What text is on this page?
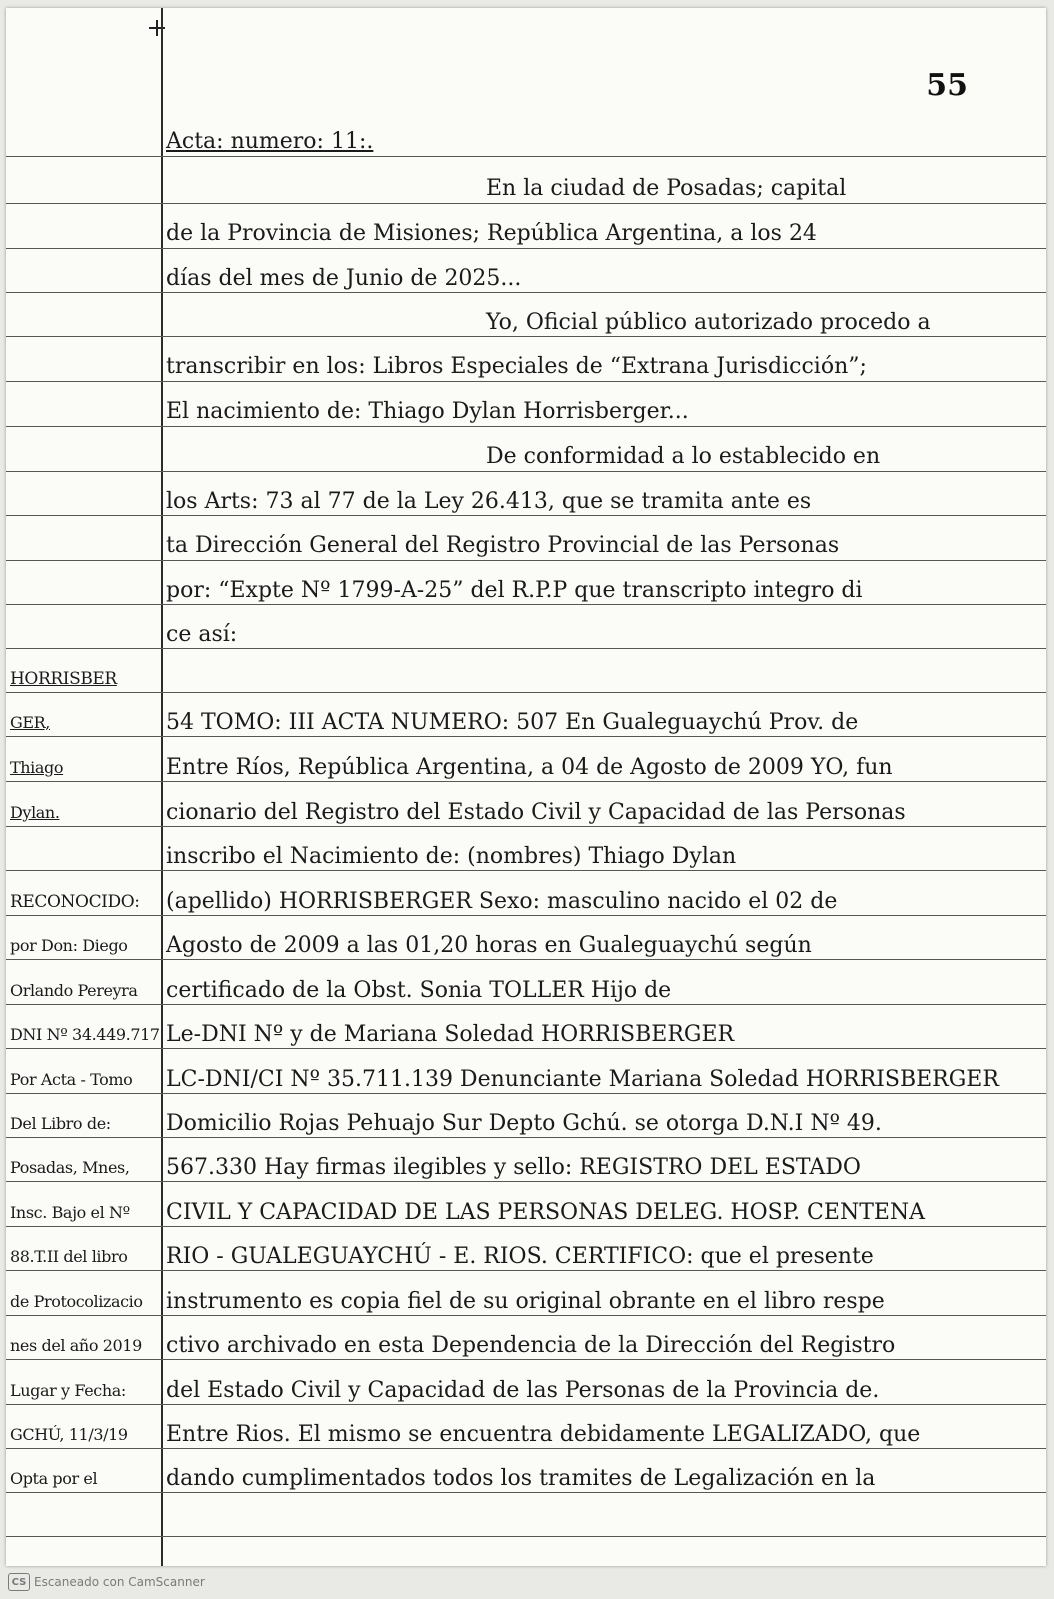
55
Acta: numero: 11:.
En la ciudad de Posadas; capital
de la Provincia de Misiones; República Argentina, a los 24
días del mes de Junio de 2025...
Yo, Oficial público autorizado procedo a
transcribir en los: Libros Especiales de “Extrana Jurisdicción”;
El nacimiento de: Thiago Dylan Horrisberger...
De conformidad a lo establecido en
los Arts: 73 al 77 de la Ley 26.413, que se tramita ante es
ta Dirección General del Registro Provincial de las Personas
por: “Expte Nº 1799-A-25” del R.P.P que transcripto integro di
ce así:
54 TOMO: III ACTA NUMERO: 507 En Gualeguaychú Prov. de
Entre Ríos, República Argentina, a 04 de Agosto de 2009 YO, fun
cionario del Registro del Estado Civil y Capacidad de las Personas
inscribo el Nacimiento de: (nombres) Thiago Dylan
(apellido) HORRISBERGER Sexo: masculino nacido el 02 de
Agosto de 2009 a las 01,20 horas en Gualeguaychú según
certificado de la Obst. Sonia TOLLER Hijo de
Le-DNI Nº y de Mariana Soledad HORRISBERGER
LC-DNI/CI Nº 35.711.139 Denunciante Mariana Soledad HORRISBERGER
Domicilio Rojas Pehuajo Sur Depto Gchú. se otorga D.N.I Nº 49.
567.330 Hay firmas ilegibles y sello: REGISTRO DEL ESTADO
CIVIL Y CAPACIDAD DE LAS PERSONAS DELEG. HOSP. CENTENA
RIO - GUALEGUAYCHÚ - E. RIOS. CERTIFICO: que el presente
instrumento es copia fiel de su original obrante en el libro respe
ctivo archivado en esta Dependencia de la Dirección del Registro
del Estado Civil y Capacidad de las Personas de la Provincia de.
Entre Rios. El mismo se encuentra debidamente LEGALIZADO, que
dando cumplimentados todos los tramites de Legalización en la
HORRISBER
GER,
Thiago
Dylan.
RECONOCIDO:
por Don: Diego
Orlando Pereyra
DNI Nº 34.449.717
Por Acta - Tomo
Del Libro de:
Posadas, Mnes,
Insc. Bajo el Nº
88.T.II del libro
de Protocolizacio
nes del año 2019
Lugar y Fecha:
GCHÚ, 11/3/19
Opta por el
CS Escaneado con CamScanner
